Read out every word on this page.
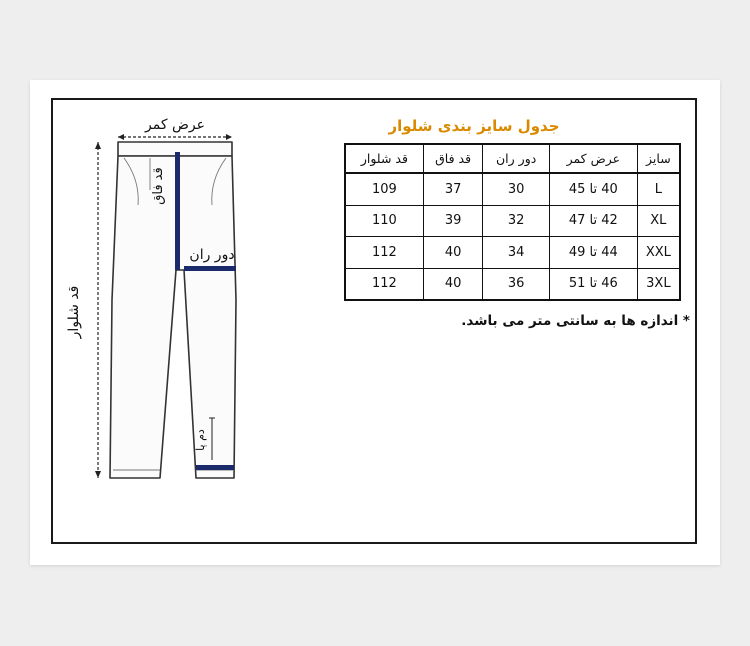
عرض کمر
قد شلوار
قد فاق
دور ران
دم پا
جدول سایز بندی شلوار
سایز	عرض کمر	دور ران	قد فاق	قد شلوار
L	40 تا 45	30	37	109
XL	42 تا 47	32	39	110
XXL	44 تا 49	34	40	112
3XL	46 تا 51	36	40	112
* اندازه ها به سانتی متر می باشد.
